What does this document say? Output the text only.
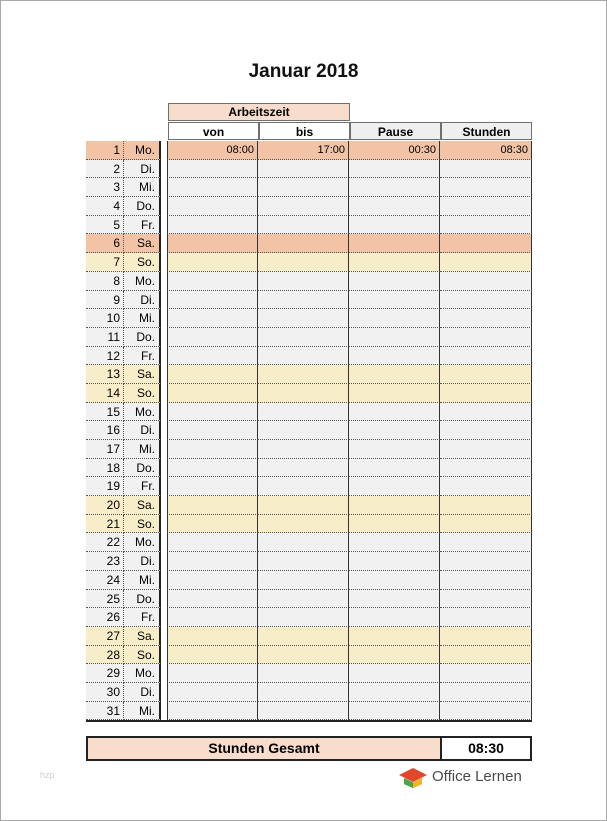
Januar 2018
Arbeitszeit
von	bis	Pause	Stunden
1	Mo.	08:00	17:00	00:30	08:30
2	Di.
3	Mi.
4	Do.
5	Fr.
6	Sa.
7	So.
8	Mo.
9	Di.
10	Mi.
11	Do.
12	Fr.
13	Sa.
14	So.
15	Mo.
16	Di.
17	Mi.
18	Do.
19	Fr.
20	Sa.
21	So.
22	Mo.
23	Di.
24	Mi.
25	Do.
26	Fr.
27	Sa.
28	So.
29	Mo.
30	Di.
31	Mi.
Stunden Gesamt	08:30
hzp	Office Lernen
